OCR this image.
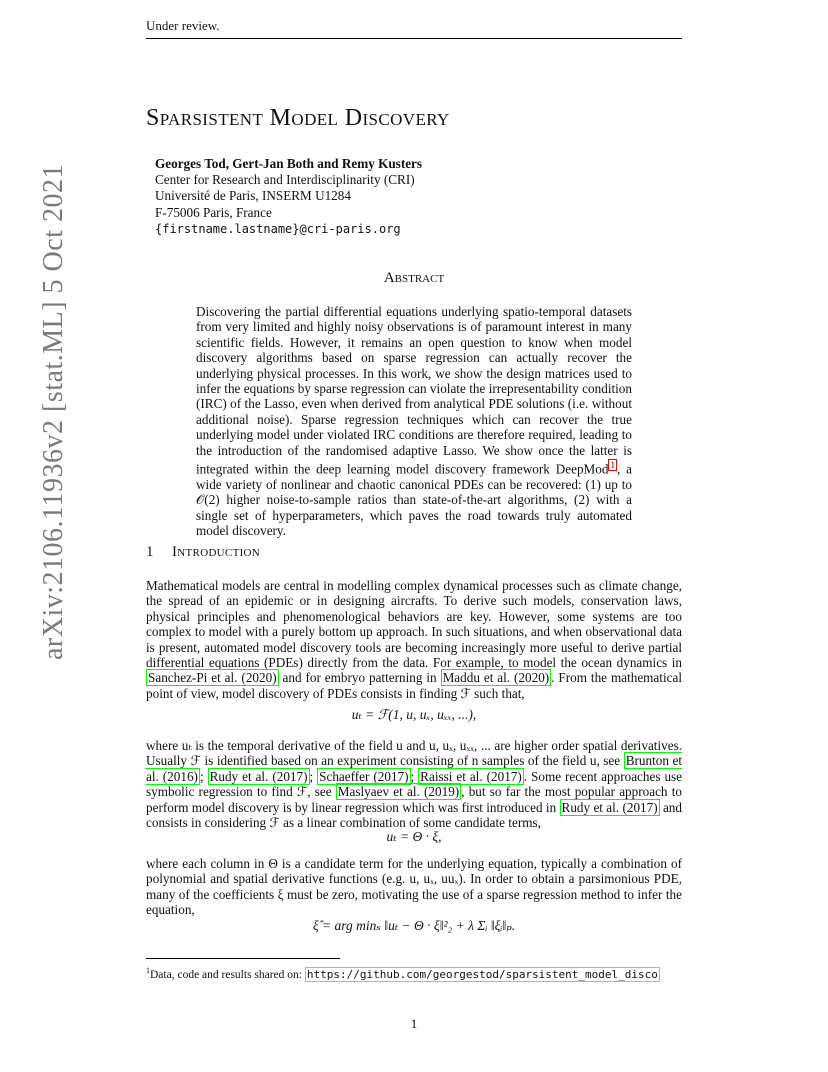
Under review.
arXiv:2106.11936v2 [stat.ML] 5 Oct 2021
Sparsistent Model Discovery
Georges Tod, Gert-Jan Both and Remy Kusters
Center for Research and Interdisciplinarity (CRI)
Université de Paris, INSERM U1284
F-75006 Paris, France
{firstname.lastname}@cri-paris.org
Abstract
Discovering the partial differential equations underlying spatio-temporal datasets from very limited and highly noisy observations is of paramount interest in many scientific fields. However, it remains an open question to know when model discovery algorithms based on sparse regression can actually recover the underlying physical processes. In this work, we show the design matrices used to infer the equations by sparse regression can violate the irrepresentability condition (IRC) of the Lasso, even when derived from analytical PDE solutions (i.e. without additional noise). Sparse regression techniques which can recover the true underlying model under violated IRC conditions are therefore required, leading to the introduction of the randomised adaptive Lasso. We show once the latter is integrated within the deep learning model discovery framework DeepMod $^1$ , a wide variety of nonlinear and chaotic canonical PDEs can be recovered: (1) up to 𝒪(2) higher noise-to-sample ratios than state-of-the-art algorithms, (2) with a single set of hyperparameters, which paves the road towards truly automated model discovery.
1 Introduction
Mathematical models are central in modelling complex dynamical processes such as climate change, the spread of an epidemic or in designing aircrafts. To derive such models, conservation laws, physical principles and phenomenological behaviors are key. However, some systems are too complex to model with a purely bottom up approach. In such situations, and when observational data is present, automated model discovery tools are becoming increasingly more useful to derive partial differential equations (PDEs) directly from the data. For example, to model the ocean dynamics in Sanchez-Pi et al. (2020) and for embryo patterning in Maddu et al. (2020) . From the mathematical point of view, model discovery of PDEs consists in finding ℱ such that,
uₜ = ℱ(1, u, uₓ, uₓₓ, ...),
where uₜ is the temporal derivative of the field u and u, uₓ, uₓₓ, ... are higher order spatial derivatives. Usually ℱ is identified based on an experiment consisting of n samples of the field u, see Brunton et al. (2016) ; Rudy et al. (2017) ; Schaeffer (2017) ; Raissi et al. (2017) . Some recent approaches use symbolic regression to find ℱ, see Maslyaev et al. (2019) , but so far the most popular approach to perform model discovery is by linear regression which was first introduced in Rudy et al. (2017) and consists in considering ℱ as a linear combination of some candidate terms,
uₜ = Θ · ξ,
where each column in Θ is a candidate term for the underlying equation, typically a combination of polynomial and spatial derivative functions (e.g. u, uₓ, uuₓ). In order to obtain a parsimonious PDE, many of the coefficients ξ must be zero, motivating the use of a sparse regression method to infer the equation,
ξ̂ = arg minₛ ‖uₜ − Θ · ξ‖²₂ + λ Σᵢ ‖ξᵢ‖ₚ.
$^1$Data, code and results shared on: https://github.com/georgestod/sparsistent_model_disco
1
